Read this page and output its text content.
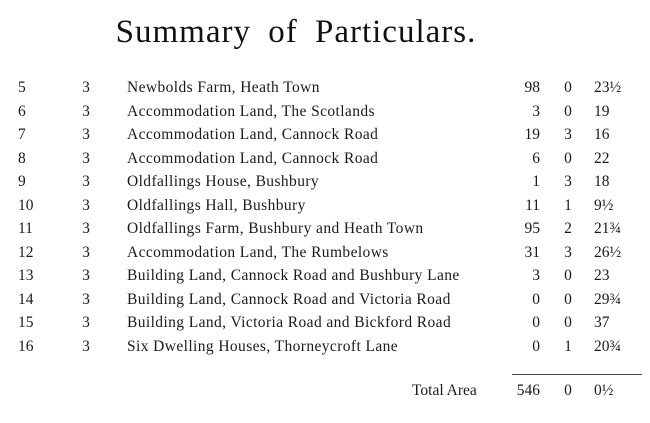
Summary of Particulars.
5	3 Newbolds Farm, Heath Town	98 0 23½
6	3 Accommodation Land, The Scotlands	3 0 19
7	3 Accommodation Land, Cannock Road	19 3 16
8	3 Accommodation Land, Cannock Road	6 0 22
9	3 Oldfallings House, Bushbury	1 3 18
10	3 Oldfallings Hall, Bushbury	11 1 9½
11	3 Oldfallings Farm, Bushbury and Heath Town	95 2 21¾
12	3 Accommodation Land, The Rumbelows	31 3 26½
13	3 Building Land, Cannock Road and Bushbury Lane	3 0 23
14	3 Building Land, Cannock Road and Victoria Road	0 0 29¾
15	3 Building Land, Victoria Road and Bickford Road	0 0 37
16	3 Six Dwelling Houses, Thorneycroft Lane	0 1 20¾
Total Area	546 0 0½
